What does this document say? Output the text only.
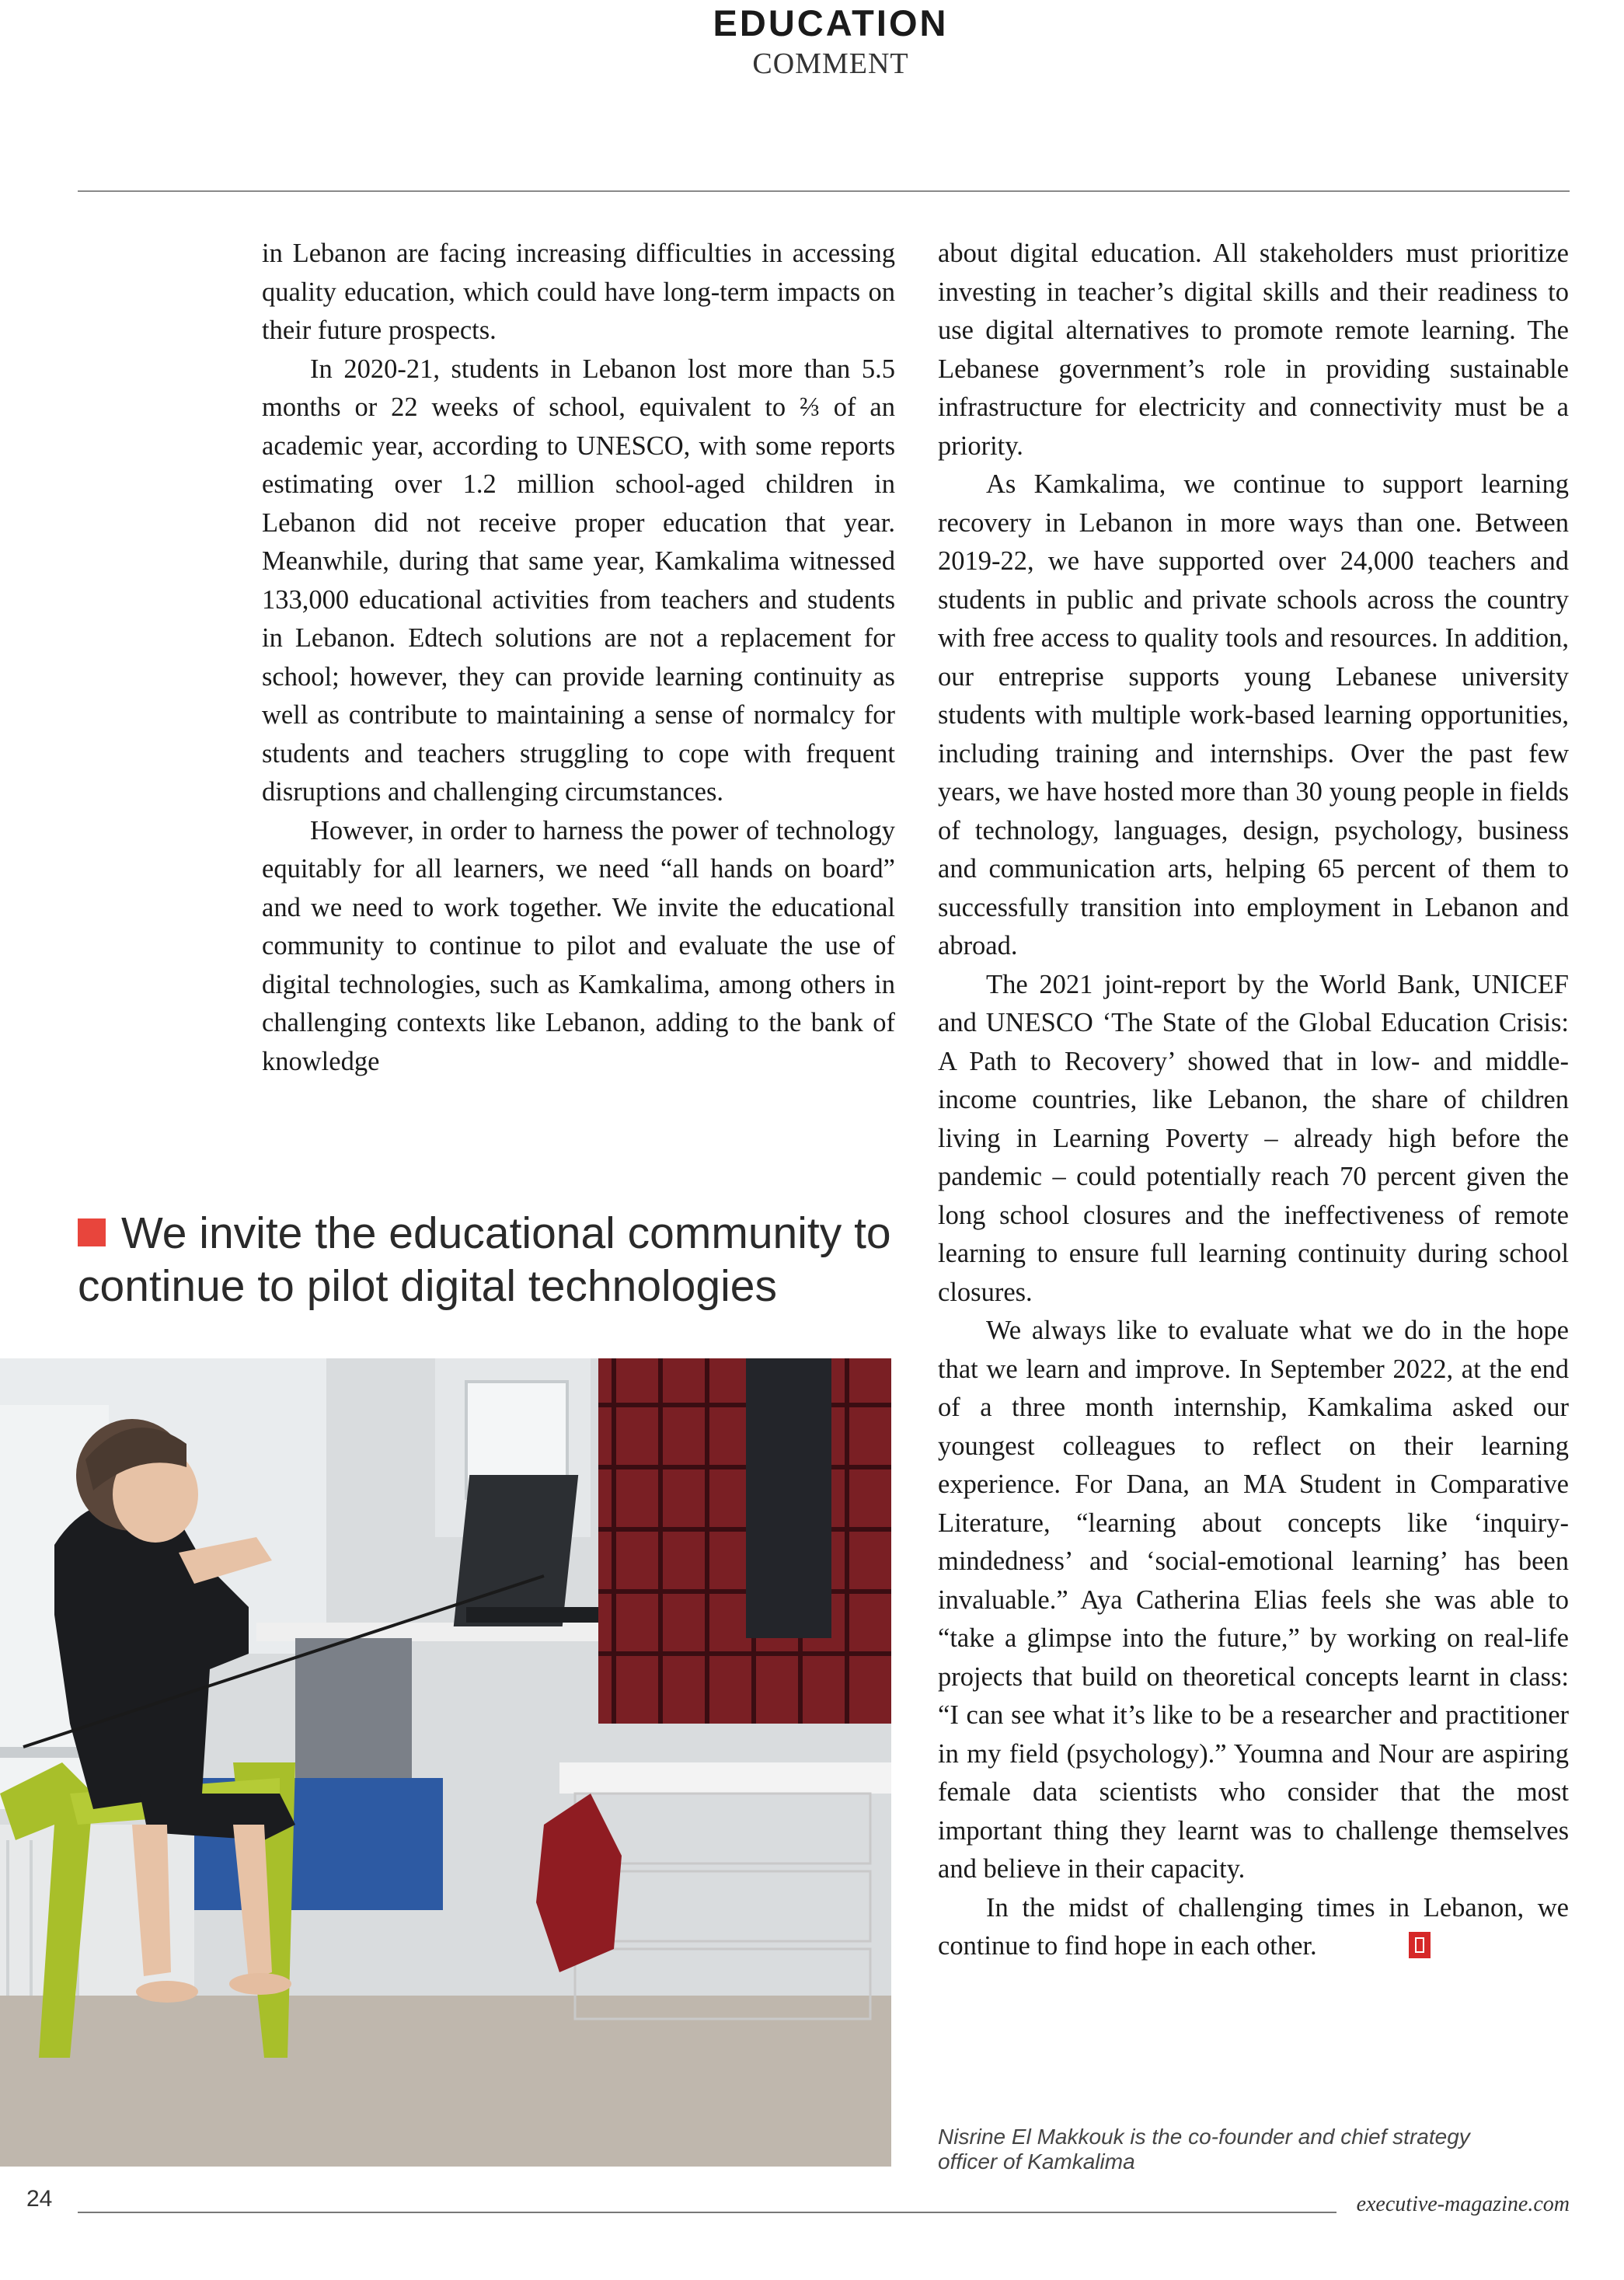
EDUCATION
COMMENT

in Lebanon are facing increasing difficulties in accessing quality education, which could have long-term impacts on their future prospects.

In 2020-21, students in Lebanon lost more than 5.5 months or 22 weeks of school, equivalent to ⅔ of an academic year, according to UNESCO, with some reports estimating over 1.2 million school-aged children in Lebanon did not receive proper education that year. Meanwhile, during that same year, Kamkalima witnessed 133,000 educational activities from teachers and students in Lebanon. Edtech solutions are not a replacement for school; however, they can provide learning continuity as well as contribute to maintaining a sense of normalcy for students and teachers struggling to cope with frequent disruptions and challenging circumstances.

However, in order to harness the power of technology equitably for all learners, we need “all hands on board” and we need to work together. We invite the educational community to continue to pilot and evaluate the use of digital technologies, such as Kamkalima, among others in challenging contexts like Lebanon, adding to the bank of knowledge

about digital education. All stakeholders must prioritize investing in teacher’s digital skills and their readiness to use digital alternatives to promote remote learning. The Lebanese government’s role in providing sustainable infrastructure for electricity and connectivity must be a priority.

As Kamkalima, we continue to support learning recovery in Lebanon in more ways than one. Between 2019-22, we have supported over 24,000 teachers and students in public and private schools across the country with free access to quality tools and resources. In addition, our entreprise supports young Lebanese university students with multiple work-based learning opportunities, including training and internships. Over the past few years, we have hosted more than 30 young people in fields of technology, languages, design, psychology, business and communication arts, helping 65 percent of them to successfully transition into employment in Lebanon and abroad.

The 2021 joint-report by the World Bank, UNICEF and UNESCO ‘The State of the Global Education Crisis: A Path to Recovery’ showed that in low- and middle-income countries, like Lebanon, the share of children living in Learning Poverty – already high before the pandemic – could potentially reach 70 percent given the long school closures and the ineffectiveness of remote learning to ensure full learning continuity during school closures.

We always like to evaluate what we do in the hope that we learn and improve. In September 2022, at the end of a three month internship, Kamkalima asked our youngest colleagues to reflect on their learning experience. For Dana, an MA Student in Comparative Literature, “learning about concepts like ‘inquiry- mindedness’ and ‘social-emotional learning’ has been invaluable.” Aya Catherina Elias feels she was able to “take a glimpse into the future,” by working on real-life projects that build on theoretical concepts learnt in class: “I can see what it’s like to be a researcher and practitioner in my field (psychology).” Youmna and Nour are aspiring female data scientists who consider that the most important thing they learnt was to challenge themselves and believe in their capacity.

In the midst of challenging times in Lebanon, we continue to find hope in each other.

We invite the educational community to continue to pilot digital technologies
Nisrine El Makkouk is the co-founder and chief strategy officer of Kamkalima
24	executive-magazine.com
